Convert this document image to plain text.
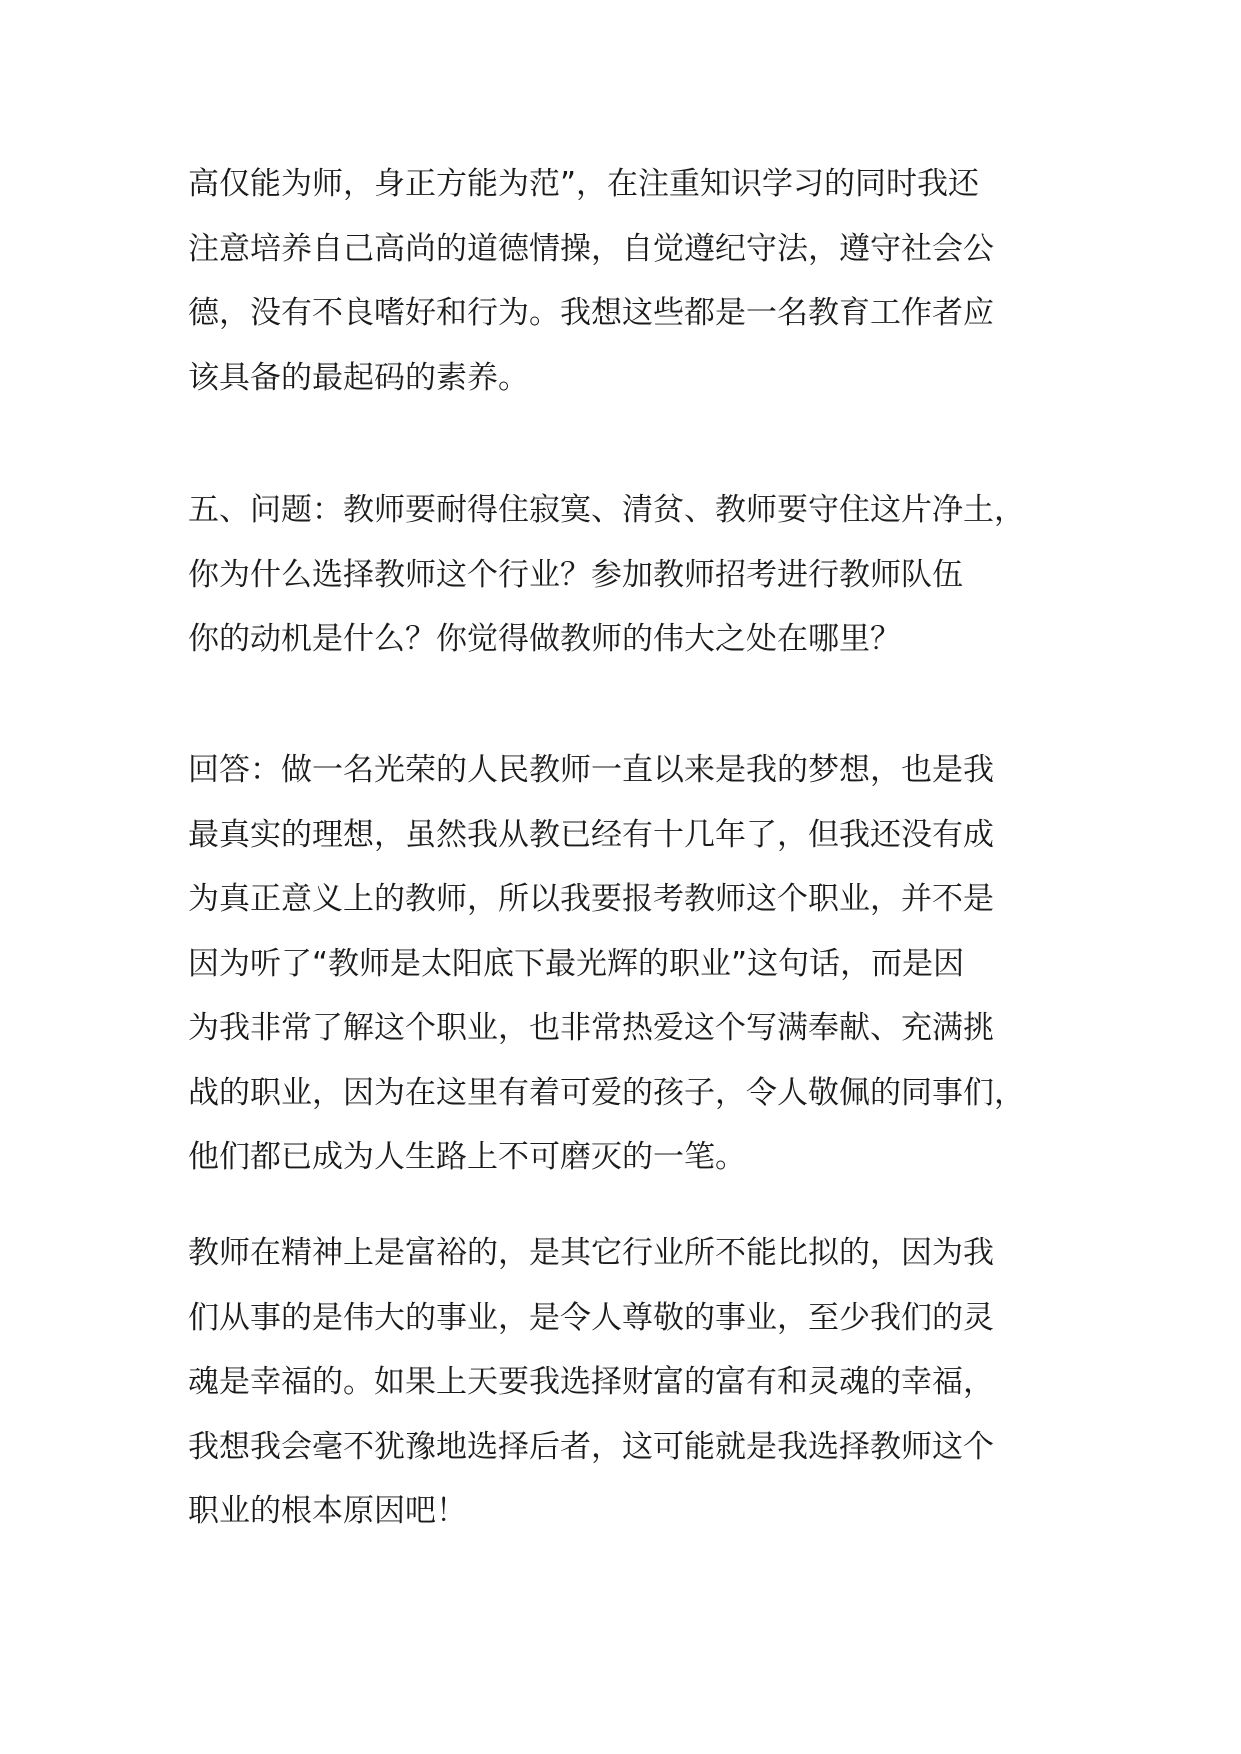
高仅能为师，身正方能为范”，在注重知识学习的同时我还
注意培养自己高尚的道德情操，自觉遵纪守法，遵守社会公
德，没有不良嗜好和行为。我想这些都是一名教育工作者应
该具备的最起码的素养。

五、问题：教师要耐得住寂寞、清贫、教师要守住这片净土，
你为什么选择教师这个行业？参加教师招考进行教师队伍
你的动机是什么？你觉得做教师的伟大之处在哪里？

回答：做一名光荣的人民教师一直以来是我的梦想，也是我
最真实的理想，虽然我从教已经有十几年了，但我还没有成
为真正意义上的教师，所以我要报考教师这个职业，并不是
因为听了“教师是太阳底下最光辉的职业”这句话，而是因
为我非常了解这个职业，也非常热爱这个写满奉献、充满挑
战的职业，因为在这里有着可爱的孩子，令人敬佩的同事们，
他们都已成为人生路上不可磨灭的一笔。

教师在精神上是富裕的，是其它行业所不能比拟的，因为我
们从事的是伟大的事业，是令人尊敬的事业，至少我们的灵
魂是幸福的。如果上天要我选择财富的富有和灵魂的幸福，
我想我会毫不犹豫地选择后者，这可能就是我选择教师这个
职业的根本原因吧！
